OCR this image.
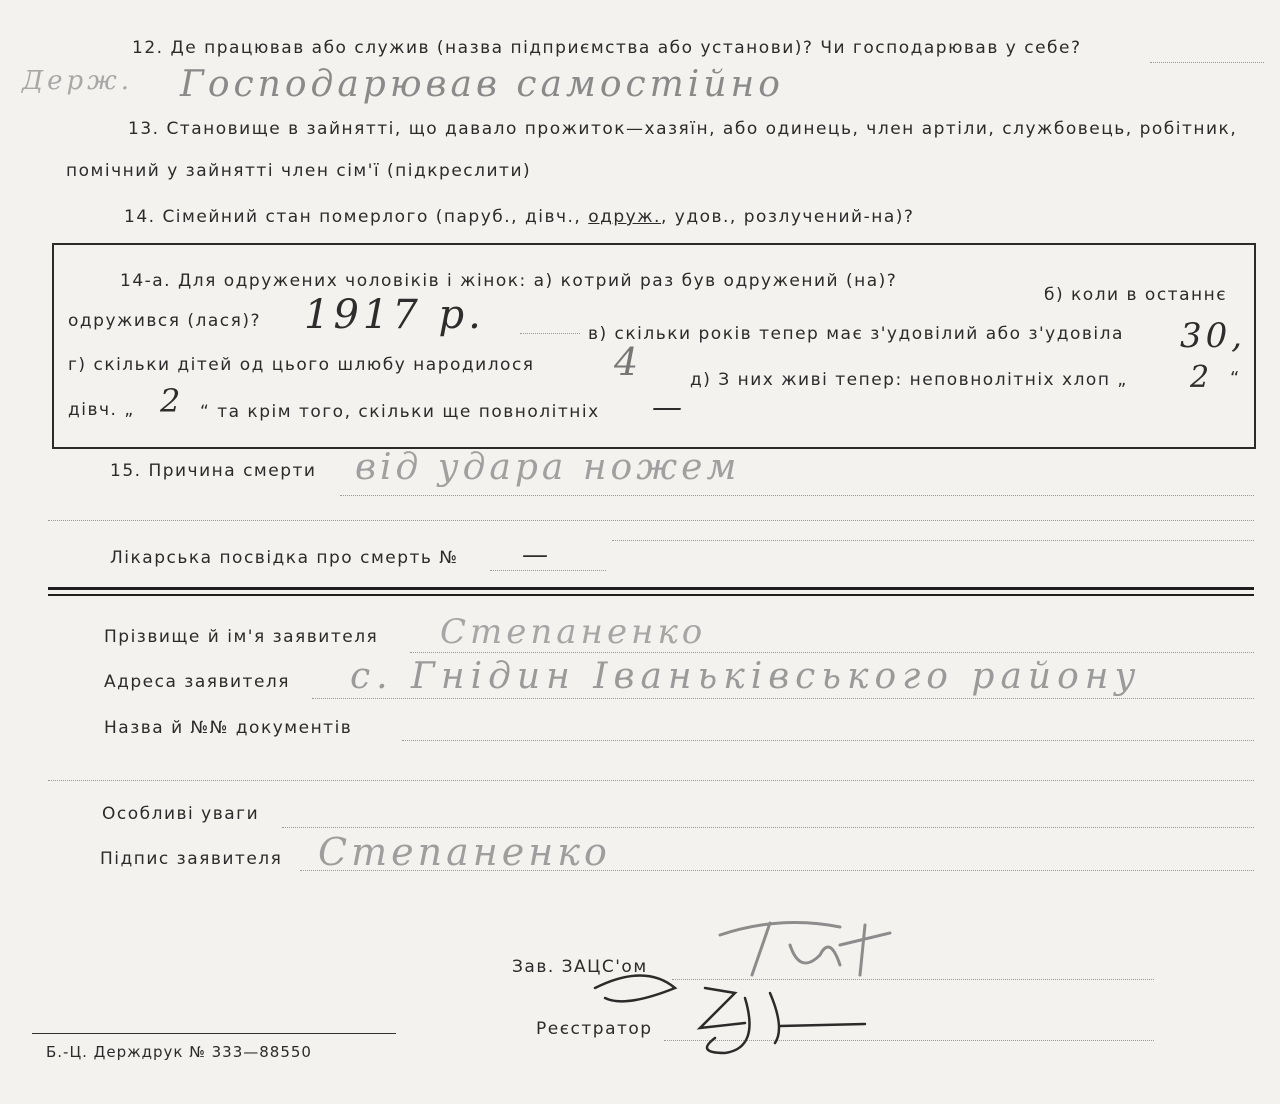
12. Де працював або служив (назва підприємства або установи)? Чи господарював у себе?
Держ. Господарював самостійно
13. Становище в зайнятті, що давало прожиток—хазяїн, або одинець, член артіли, службовець, робітник,
помічний у зайнятті член сім'ї (підкреслити)
14. Сімейний стан померлого (паруб., дівч., одруж., удов., розлучений-на)?
14-а. Для одружених чоловіків і жінок: а) котрий раз був одружений (на)?
б) коли в останнє
одружився (лася)? 1917 р.	в) скільки років тепер має з'удовілий або з'удовіла 30,
г) скільки дітей од цього шлюбу народилося 4	д) З них живі тепер: неповнолітніх хлоп „ 2 “
дівч. „ 2 “ та крім того, скільки ще повнолітніх —
15. Причина смерти від удара ножем
Лікарська посвідка про смерть № —
Прізвище й ім'я заявителя Степаненко
Адреса заявителя с. Гнідин Іваньківського району
Назва й №№ документів
Особливі уваги
Підпис заявителя Степаненко
Зав. ЗАЦС'ом
Реєстратор
Б.-Ц. Держдрук № 333—88550
